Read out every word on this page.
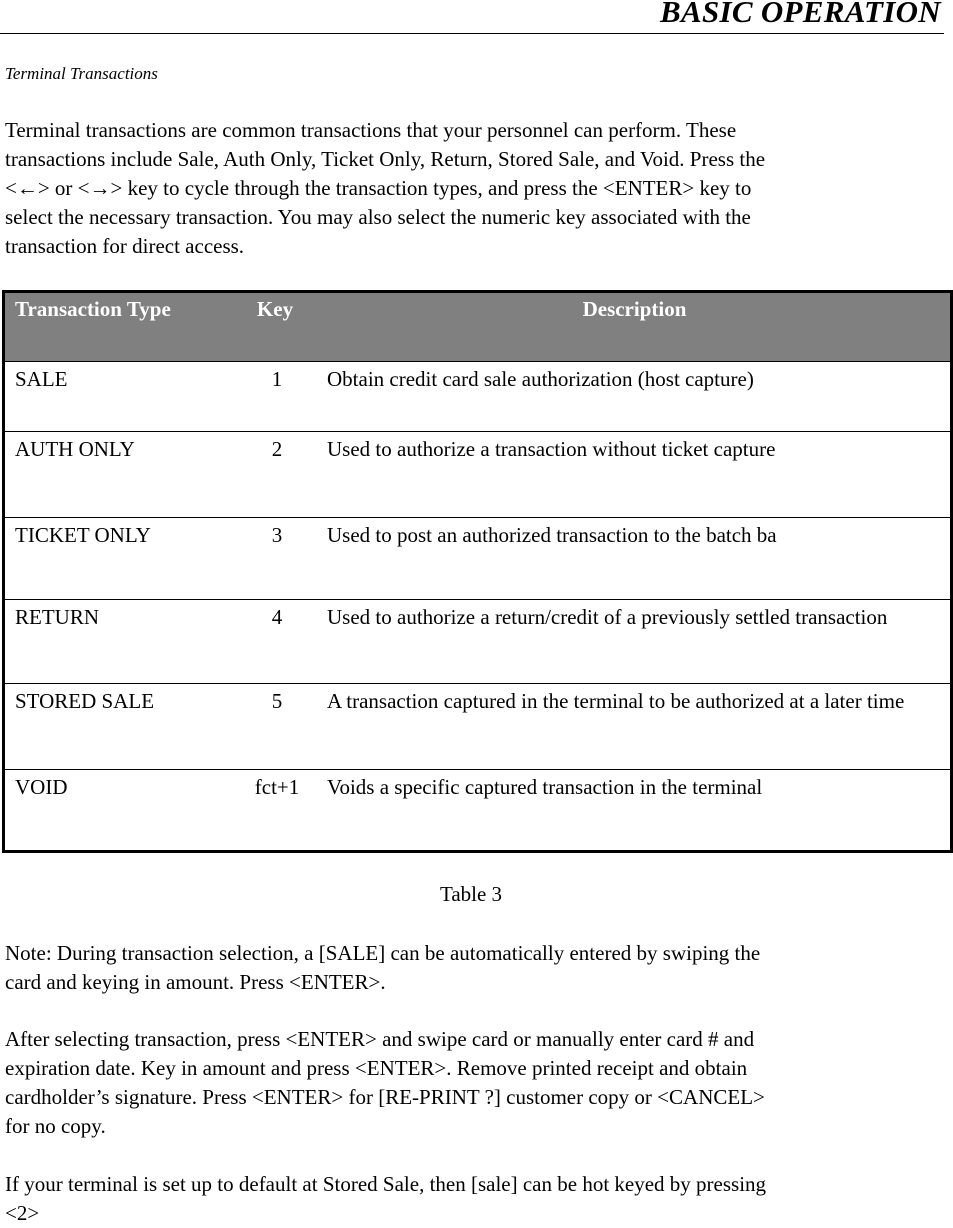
BASIC OPERATION
Terminal Transactions

Terminal transactions are common transactions that your personnel can perform. These
transactions include Sale, Auth Only, Ticket Only, Return, Stored Sale, and Void. Press the
<←> or <→> key to cycle through the transaction types, and press the <ENTER> key to
select the necessary transaction. You may also select the numeric key associated with the
transaction for direct access.

Transaction Type	Key	Description
SALE	1	Obtain credit card sale authorization (host capture)
AUTH ONLY	2	Used to authorize a transaction without ticket capture
TICKET ONLY	3	Used to post an authorized transaction to the batch ba
RETURN	4	Used to authorize a return/credit of a previously settled transaction
STORED SALE	5	A transaction captured in the terminal to be authorized at a later time
VOID	fct+1	Voids a specific captured transaction in the terminal
Table 3

Note: During transaction selection, a [SALE] can be automatically entered by swiping the
card and keying in amount. Press <ENTER>.

After selecting transaction, press <ENTER> and swipe card or manually enter card # and
expiration date. Key in amount and press <ENTER>. Remove printed receipt and obtain
cardholder’s signature. Press <ENTER> for [RE-PRINT ?] customer copy or <CANCEL>
for no copy.

If your terminal is set up to default at Stored Sale, then [sale] can be hot keyed by pressing
<2>
